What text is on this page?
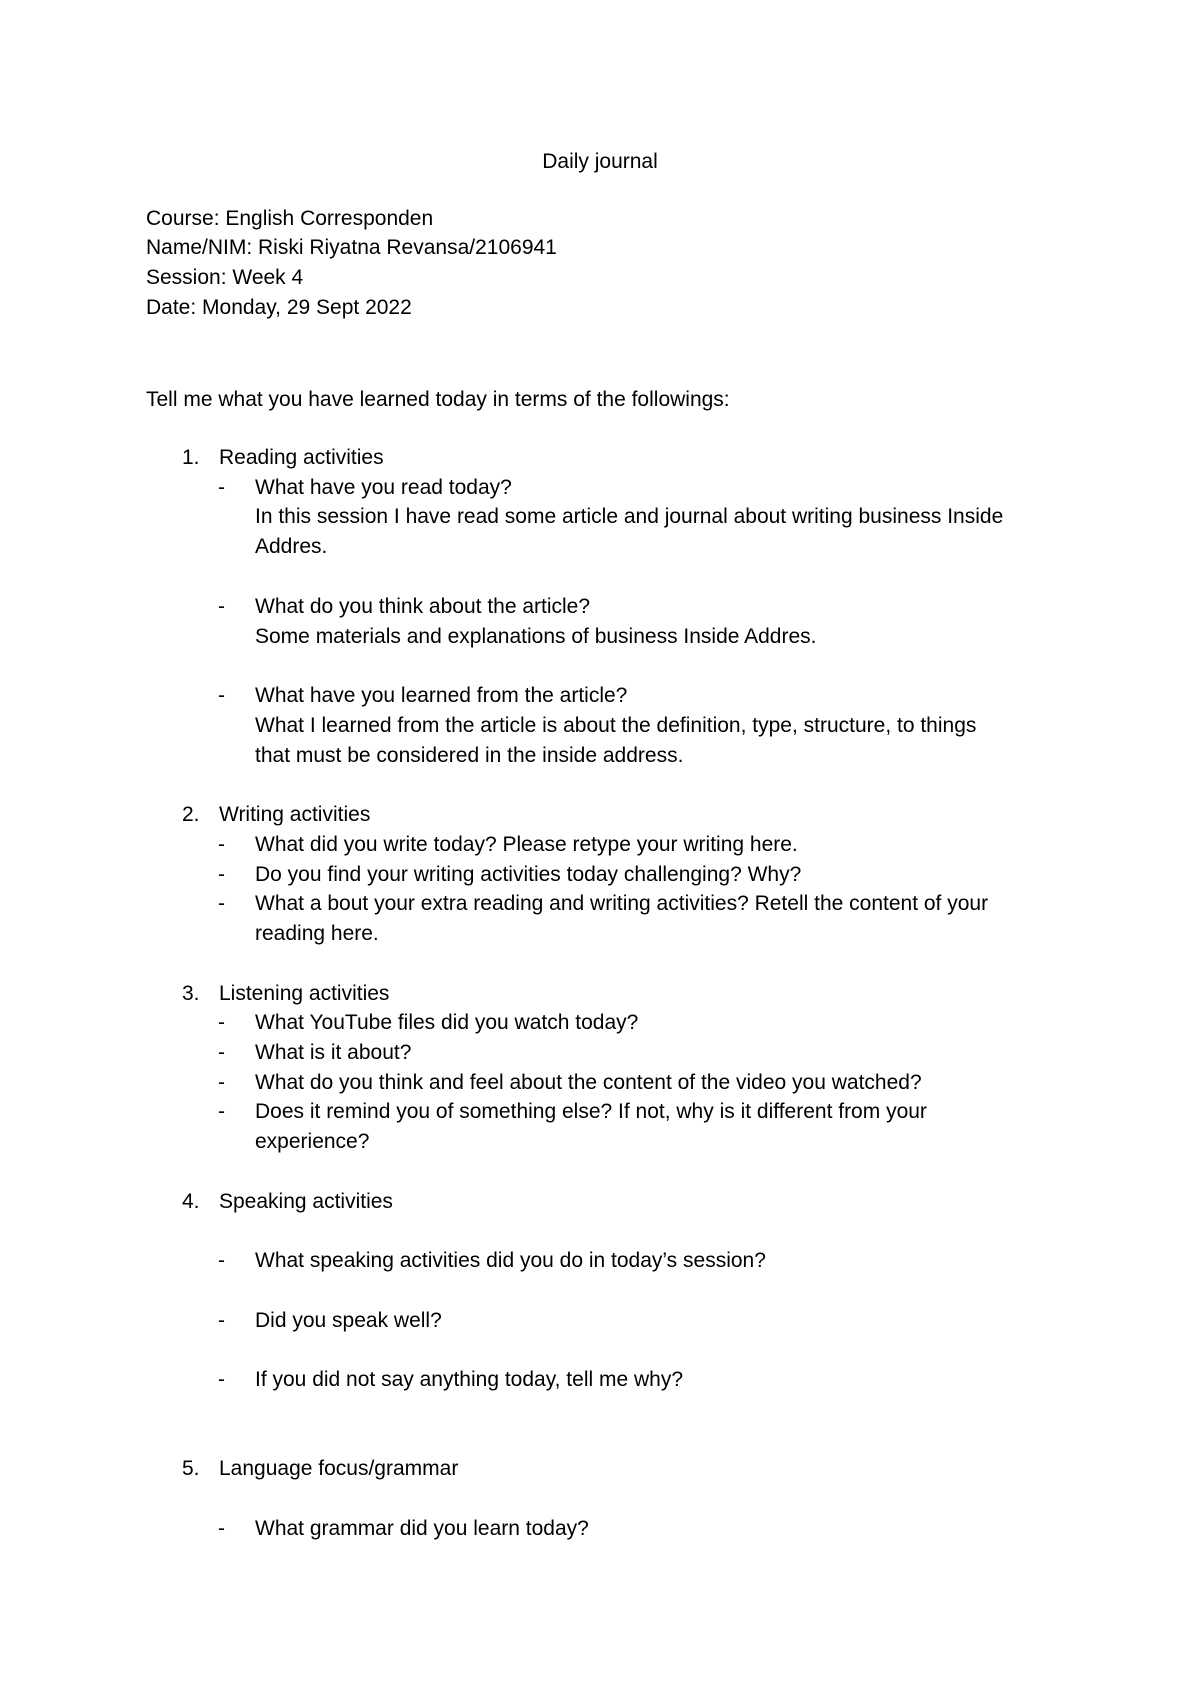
Daily journal
Course: English Corresponden
Name/NIM: Riski Riyatna Revansa/2106941
Session: Week 4
Date: Monday, 29 Sept 2022
Tell me what you have learned today in terms of the followings:
1. Reading activities
- What have you read today?
In this session I have read some article and journal about writing business Inside
Addres.
- What do you think about the article?
Some materials and explanations of business Inside Addres.
- What have you learned from the article?
What I learned from the article is about the definition, type, structure, to things
that must be considered in the inside address.
2. Writing activities
- What did you write today? Please retype your writing here.
- Do you find your writing activities today challenging? Why?
- What a bout your extra reading and writing activities? Retell the content of your
reading here.
3. Listening activities
- What YouTube files did you watch today?
- What is it about?
- What do you think and feel about the content of the video you watched?
- Does it remind you of something else? If not, why is it different from your
experience?
4. Speaking activities
- What speaking activities did you do in today’s session?
- Did you speak well?
- If you did not say anything today, tell me why?
5. Language focus/grammar
- What grammar did you learn today?
